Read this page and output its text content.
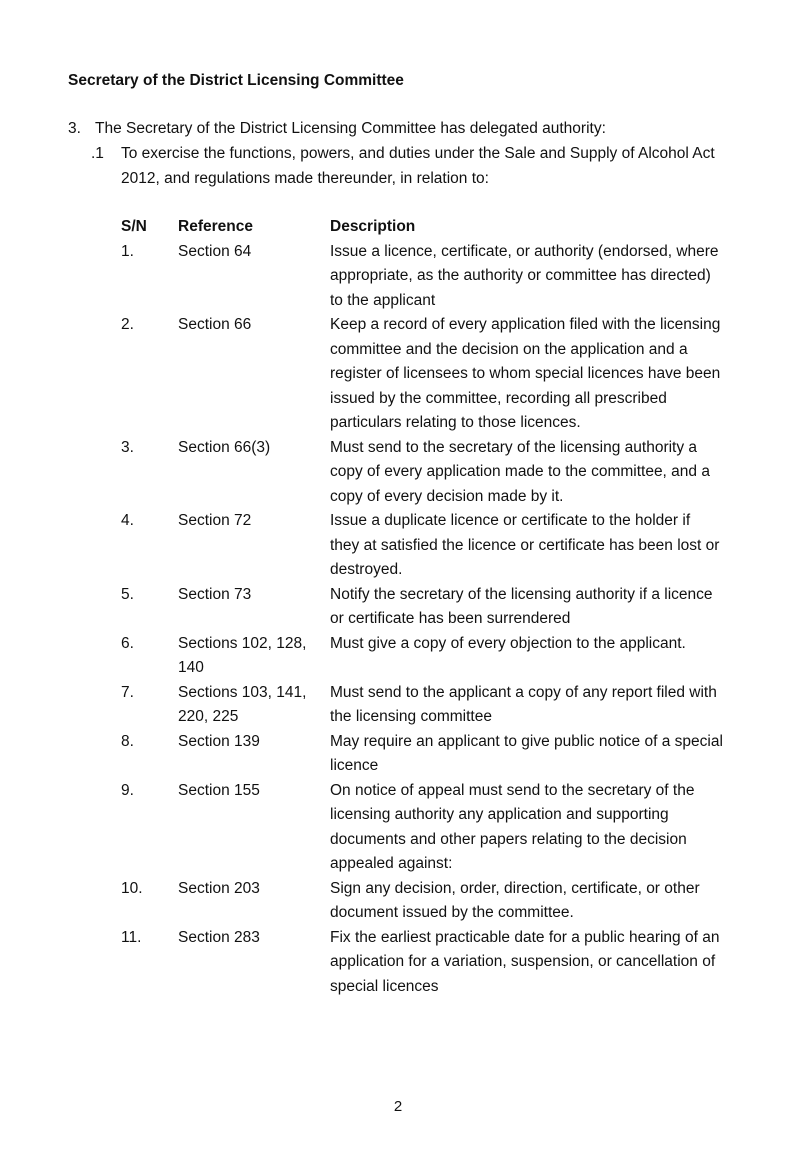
Secretary of the District Licensing Committee
3. The Secretary of the District Licensing Committee has delegated authority:
.1 To exercise the functions, powers, and duties under the Sale and Supply of Alcohol Act 2012, and regulations made thereunder, in relation to:
S/N	Reference	Description
1.	Section 64	Issue a licence, certificate, or authority (endorsed, where appropriate, as the authority or committee has directed) to the applicant
2.	Section 66	Keep a record of every application filed with the licensing committee and the decision on the application and a register of licensees to whom special licences have been issued by the committee, recording all prescribed particulars relating to those licences.
3.	Section 66(3)	Must send to the secretary of the licensing authority a copy of every application made to the committee, and a copy of every decision made by it.
4.	Section 72	Issue a duplicate licence or certificate to the holder if they at satisfied the licence or certificate has been lost or destroyed.
5.	Section 73	Notify the secretary of the licensing authority if a licence or certificate has been surrendered
6.	Sections 102, 128, 140	Must give a copy of every objection to the applicant.
7.	Sections 103, 141, 220, 225	Must send to the applicant a copy of any report filed with the licensing committee
8.	Section 139	May require an applicant to give public notice of a special licence
9.	Section 155	On notice of appeal must send to the secretary of the licensing authority any application and supporting documents and other papers relating to the decision appealed against:
10.	Section 203	Sign any decision, order, direction, certificate, or other document issued by the committee.
11.	Section 283	Fix the earliest practicable date for a public hearing of an application for a variation, suspension, or cancellation of special licences
2
